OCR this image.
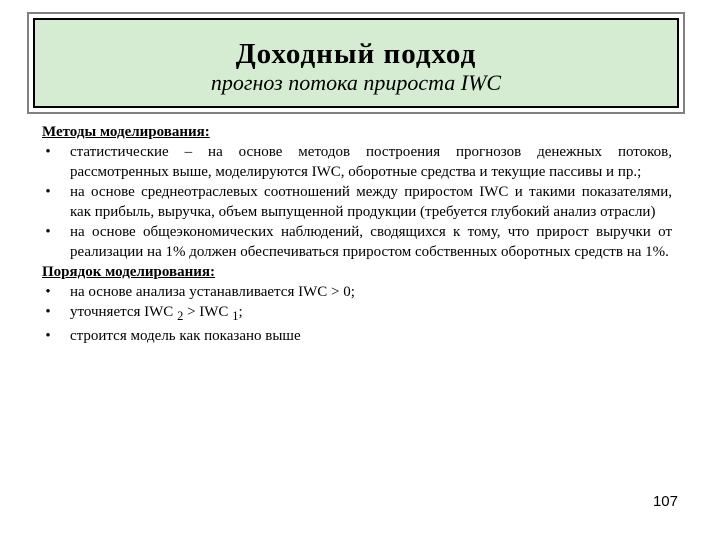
Доходный подход
прогноз потока прироста IWC
Методы моделирования:
• статистические – на основе методов построения прогнозов денежных потоков, рассмотренных выше, моделируются IWC, оборотные средства и текущие пассивы и пр.;
• на основе среднеотраслевых соотношений между приростом IWC и такими показателями, как прибыль, выручка, объем выпущенной продукции (требуется глубокий анализ отрасли)
• на основе общеэкономических наблюдений, сводящихся к тому, что прирост выручки от реализации на 1% должен обеспечиваться приростом собственных оборотных средств на 1%.
Порядок моделирования:
• на основе анализа устанавливается IWC > 0;
• уточняется IWC $_2$ > IWC $_1$;
• строится модель как показано выше
107
